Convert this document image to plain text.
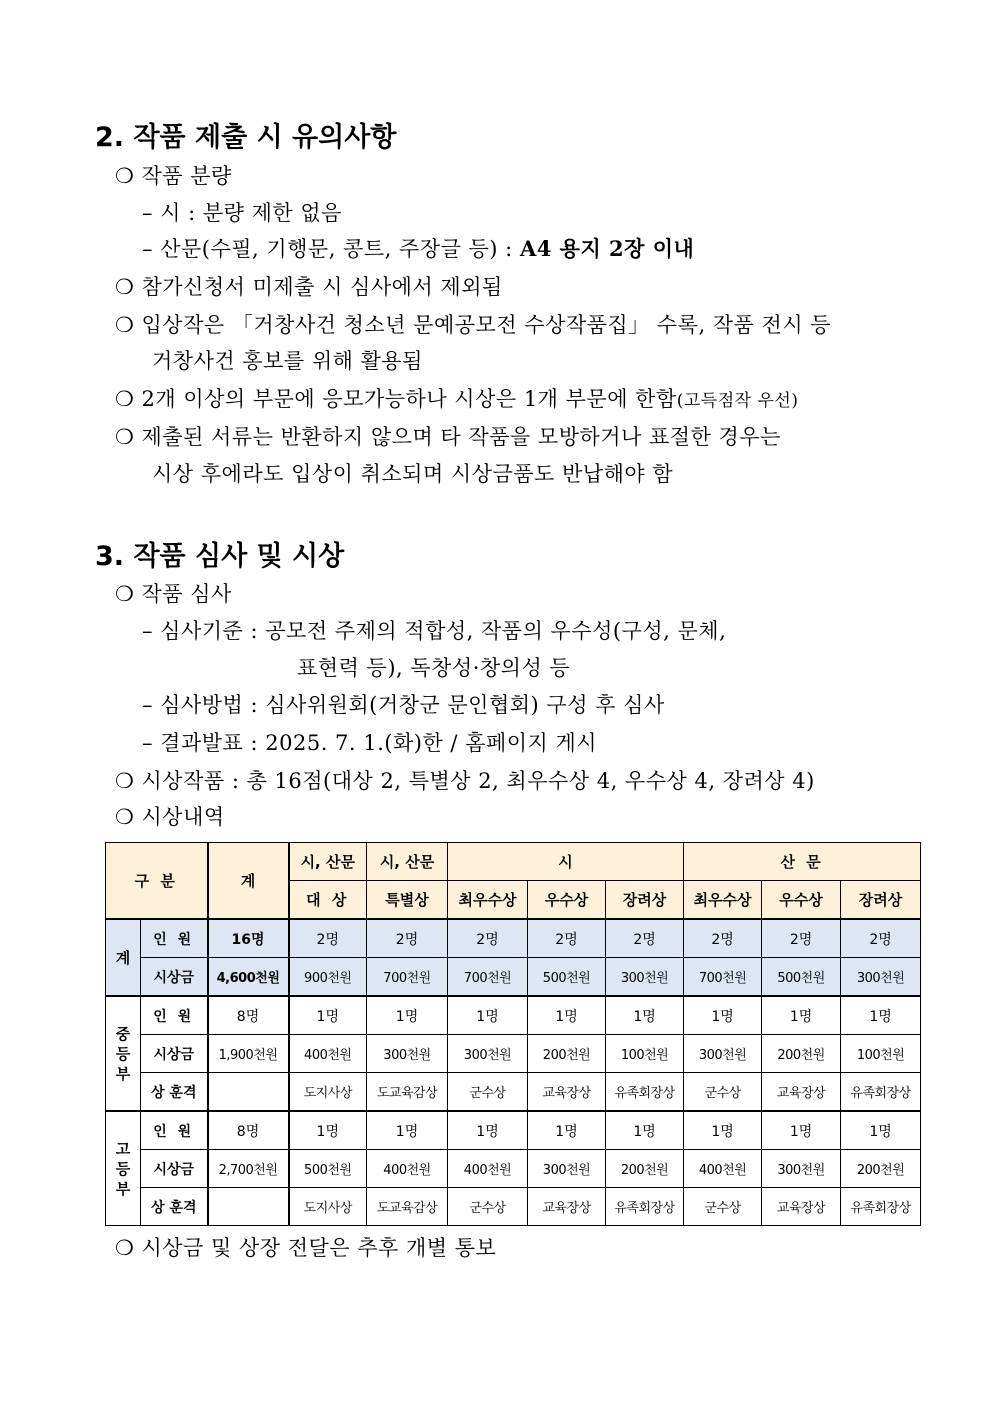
2. 작품 제출 시 유의사항
❍ 작품 분량
– 시 : 분량 제한 없음
– 산문(수필, 기행문, 콩트, 주장글 등) : A4 용지 2장 이내
❍ 참가신청서 미제출 시 심사에서 제외됨
❍ 입상작은 「거창사건 청소년 문예공모전 수상작품집」 수록, 작품 전시 등
거창사건 홍보를 위해 활용됨
❍ 2개 이상의 부문에 응모가능하나 시상은 1개 부문에 한함(고득점작 우선)
❍ 제출된 서류는 반환하지 않으며 타 작품을 모방하거나 표절한 경우는
시상 후에라도 입상이 취소되며 시상금품도 반납해야 함
3. 작품 심사 및 시상
❍ 작품 심사
– 심사기준 : 공모전 주제의 적합성, 작품의 우수성(구성, 문체,
표현력 등), 독창성·창의성 등
– 심사방법 : 심사위원회(거창군 문인협회) 구성 후 심사
– 결과발표 : 2025. 7. 1.(화)한 / 홈페이지 게시
❍ 시상작품 : 총 16점(대상 2, 특별상 2, 최우수상 4, 우수상 4, 장려상 4)
❍ 시상내역
구 분		계	시, 산문	시, 산문	시			산 문		
			대 상	특별상	최우수상	우수상	장려상	최우수상	우수상	장려상
계	인 원	16명	2명	2명	2명	2명	2명	2명	2명	2명
	시상금	4,600천원	900천원	700천원	700천원	500천원	300천원	700천원	500천원	300천원
중
등
부	인 원	8명	1명	1명	1명	1명	1명	1명	1명	1명
	시상금	1,900천원	400천원	300천원	300천원	200천원	100천원	300천원	200천원	100천원
	상 훈격		도지사상	도교육감상	군수상	교육장상	유족회장상	군수상	교육장상	유족회장상
고
등
부	인 원	8명	1명	1명	1명	1명	1명	1명	1명	1명
	시상금	2,700천원	500천원	400천원	400천원	300천원	200천원	400천원	300천원	200천원
	상 훈격		도지사상	도교육감상	군수상	교육장상	유족회장상	군수상	교육장상	유족회장상
❍ 시상금 및 상장 전달은 추후 개별 통보
